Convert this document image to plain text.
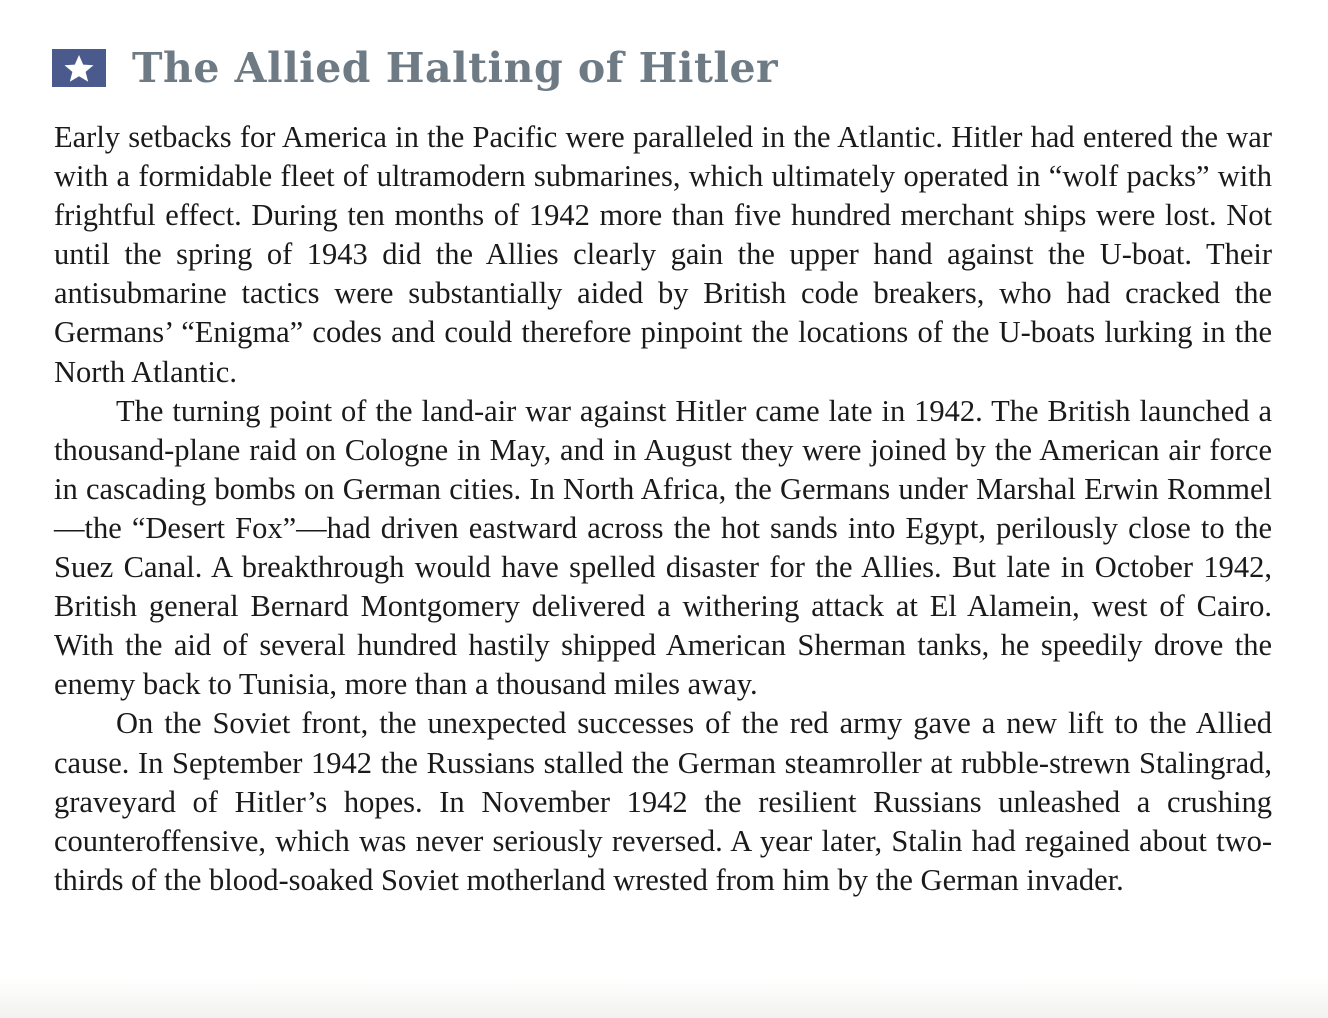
The Allied Halting of Hitler

Early setbacks for America in the Pacific were paralleled in the Atlantic. Hitler had entered the war with a formidable fleet of ultramodern submarines, which ultimately operated in “wolf packs” with frightful effect. During ten months of 1942 more than five hundred merchant ships were lost. Not until the spring of 1943 did the Allies clearly gain the upper hand against the U-boat. Their antisubmarine tactics were substantially aided by British code breakers, who had cracked the Germans’ “Enigma” codes and could therefore pinpoint the locations of the U-boats lurking in the North Atlantic.

The turning point of the land-air war against Hitler came late in 1942. The British launched a thousand-plane raid on Cologne in May, and in August they were joined by the American air force in cascading bombs on German cities. In North Africa, the Germans under Marshal Erwin Rommel—the “Desert Fox”—had driven eastward across the hot sands into Egypt, perilously close to the Suez Canal. A breakthrough would have spelled disaster for the Allies. But late in October 1942, British general Bernard Montgomery delivered a withering attack at El Alamein, west of Cairo. With the aid of several hundred hastily shipped American Sherman tanks, he speedily drove the enemy back to Tunisia, more than a thousand miles away.

On the Soviet front, the unexpected successes of the red army gave a new lift to the Allied cause. In September 1942 the Russians stalled the German steamroller at rubble-strewn Stalingrad, graveyard of Hitler’s hopes. In November 1942 the resilient Russians unleashed a crushing counteroffensive, which was never seriously reversed. A year later, Stalin had regained about two-thirds of the blood-soaked Soviet motherland wrested from him by the German invader.
